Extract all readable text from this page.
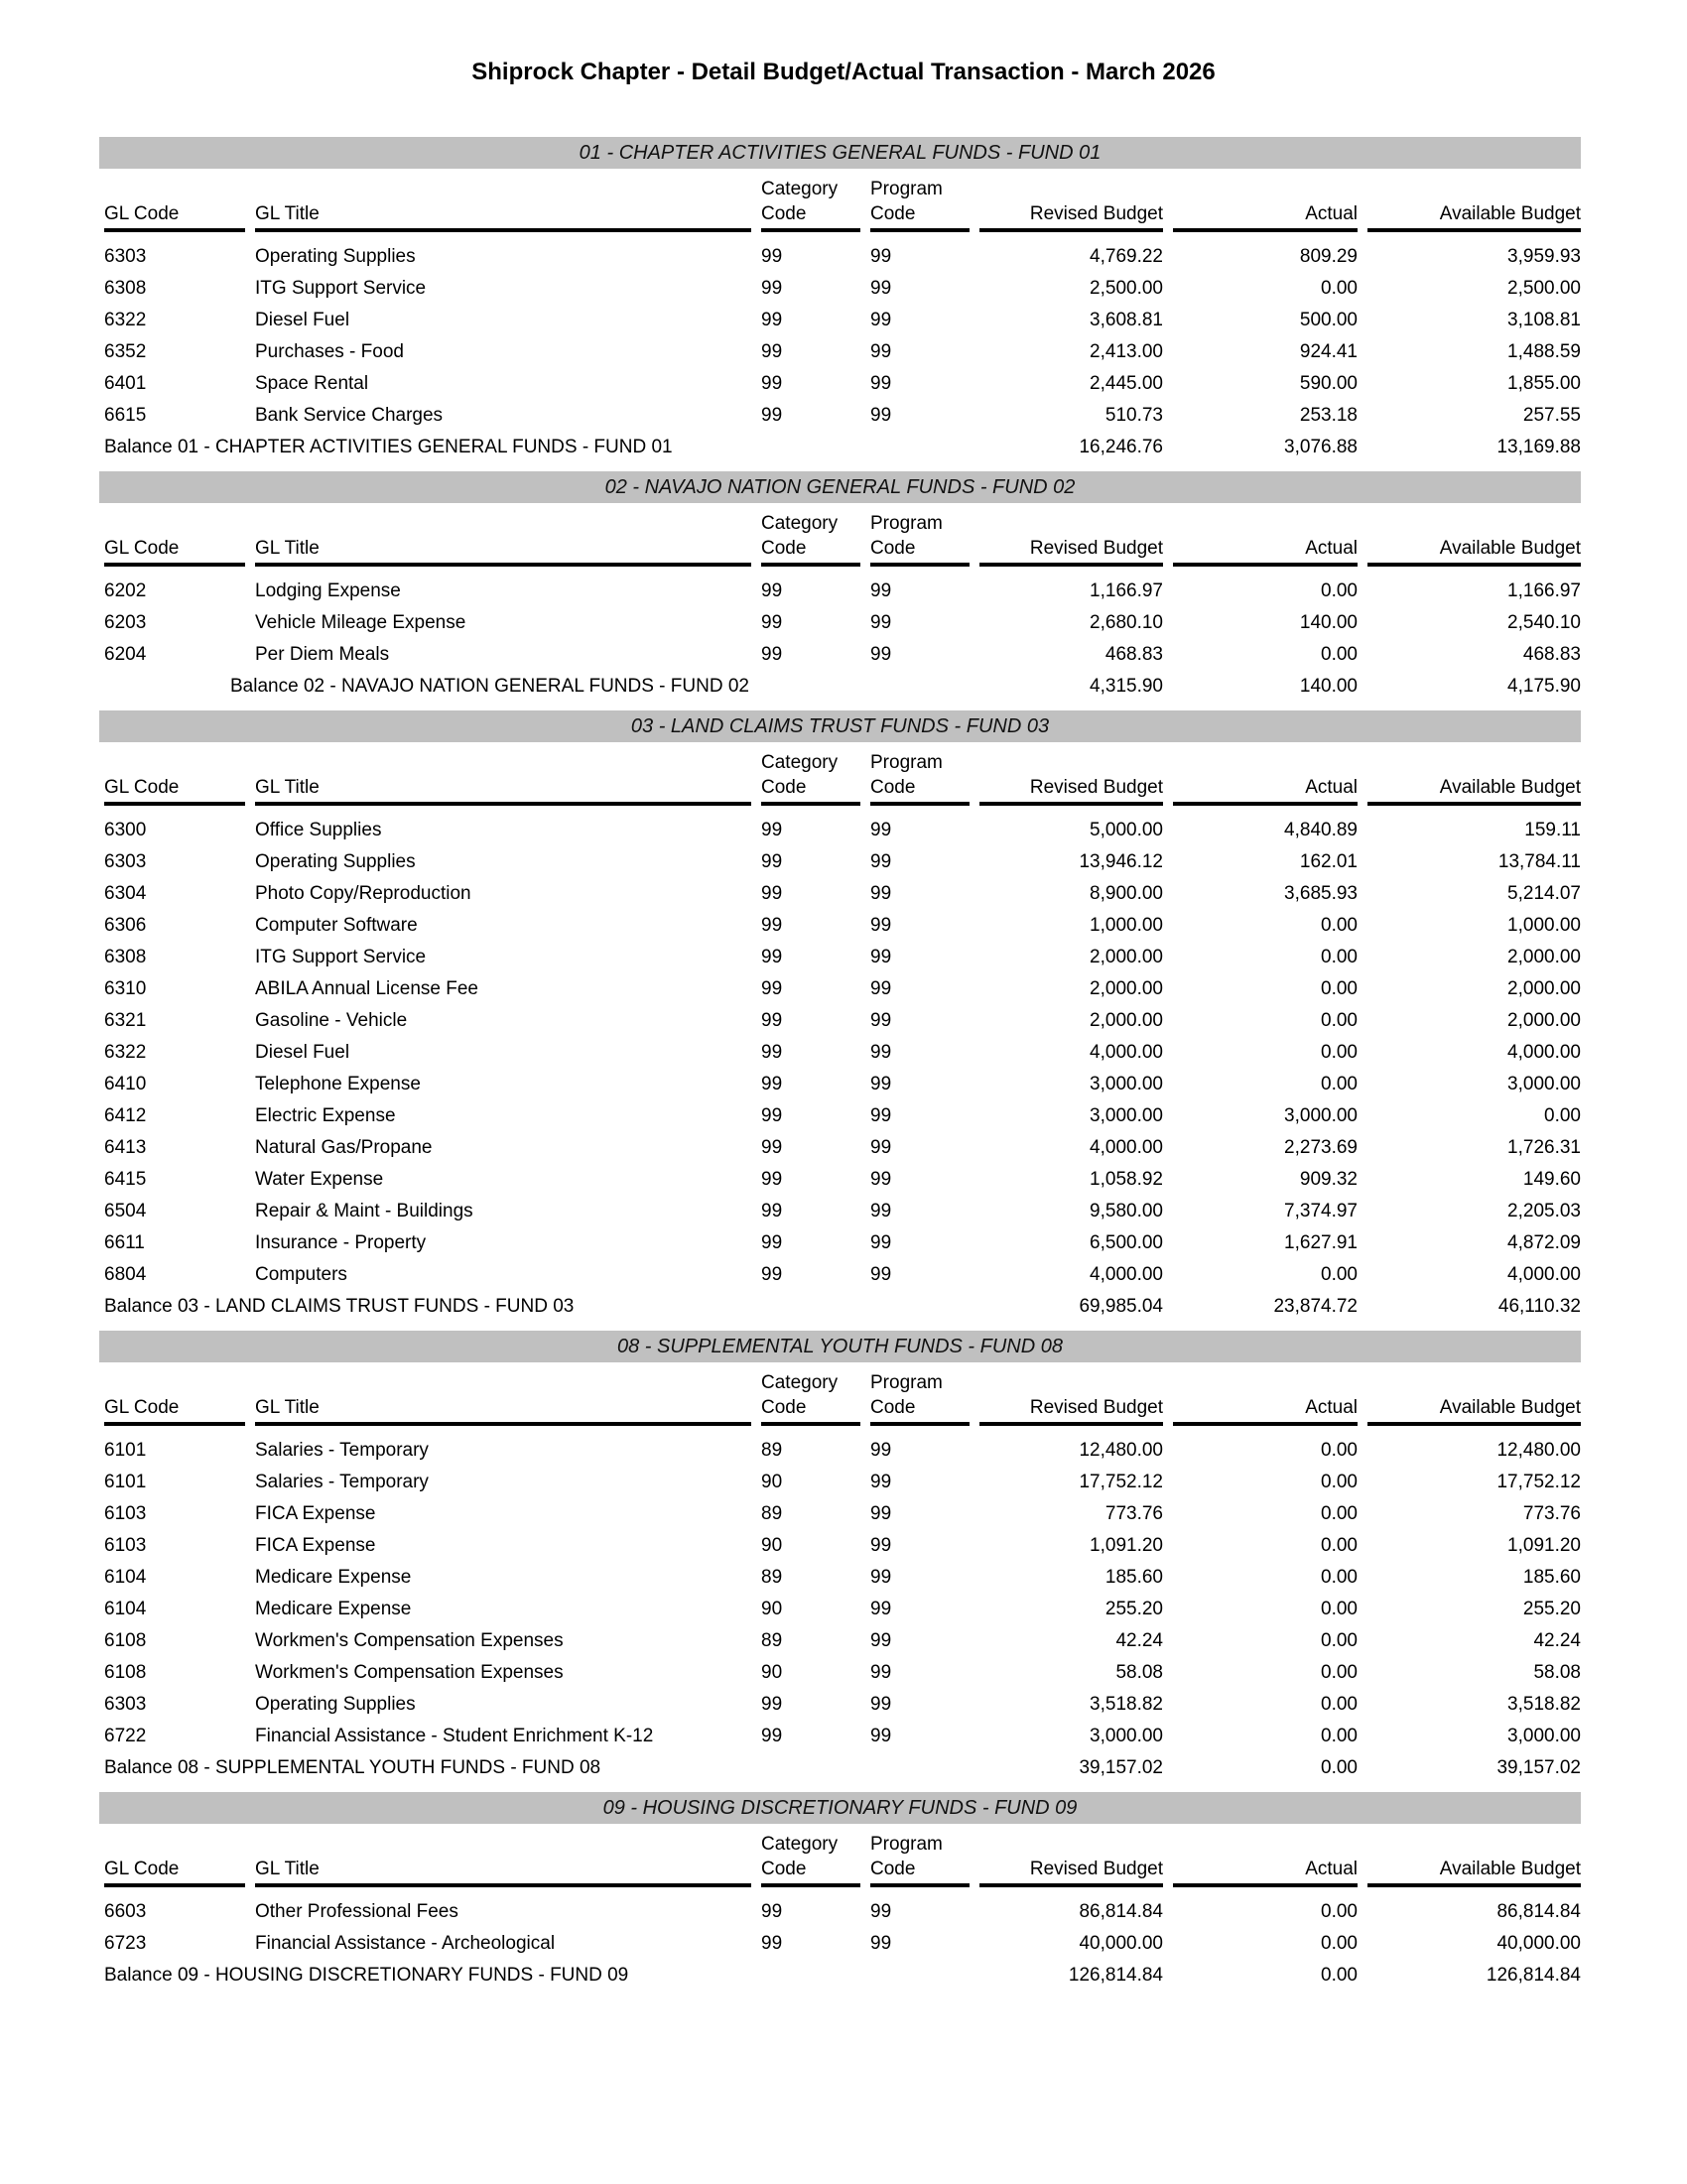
Shiprock Chapter - Detail Budget/Actual Transaction - March 2026
01 - CHAPTER ACTIVITIES GENERAL FUNDS - FUND 01
Category	Program
GL Code	GL Title	Code	Code	Revised Budget	Actual	Available Budget
6303	Operating Supplies	99	99	4,769.22	809.29	3,959.93
6308	ITG Support Service	99	99	2,500.00	0.00	2,500.00
6322	Diesel Fuel	99	99	3,608.81	500.00	3,108.81
6352	Purchases - Food	99	99	2,413.00	924.41	1,488.59
6401	Space Rental	99	99	2,445.00	590.00	1,855.00
6615	Bank Service Charges	99	99	510.73	253.18	257.55
Balance 01 - CHAPTER ACTIVITIES GENERAL FUNDS - FUND 01	16,246.76	3,076.88	13,169.88
02 - NAVAJO NATION GENERAL FUNDS - FUND 02
Category	Program
GL Code	GL Title	Code	Code	Revised Budget	Actual	Available Budget
6202	Lodging Expense	99	99	1,166.97	0.00	1,166.97
6203	Vehicle Mileage Expense	99	99	2,680.10	140.00	2,540.10
6204	Per Diem Meals	99	99	468.83	0.00	468.83
Balance 02 - NAVAJO NATION GENERAL FUNDS - FUND 02	4,315.90	140.00	4,175.90
03 - LAND CLAIMS TRUST FUNDS - FUND 03
Category	Program
GL Code	GL Title	Code	Code	Revised Budget	Actual	Available Budget
6300	Office Supplies	99	99	5,000.00	4,840.89	159.11
6303	Operating Supplies	99	99	13,946.12	162.01	13,784.11
6304	Photo Copy/Reproduction	99	99	8,900.00	3,685.93	5,214.07
6306	Computer Software	99	99	1,000.00	0.00	1,000.00
6308	ITG Support Service	99	99	2,000.00	0.00	2,000.00
6310	ABILA Annual License Fee	99	99	2,000.00	0.00	2,000.00
6321	Gasoline - Vehicle	99	99	2,000.00	0.00	2,000.00
6322	Diesel Fuel	99	99	4,000.00	0.00	4,000.00
6410	Telephone Expense	99	99	3,000.00	0.00	3,000.00
6412	Electric Expense	99	99	3,000.00	3,000.00	0.00
6413	Natural Gas/Propane	99	99	4,000.00	2,273.69	1,726.31
6415	Water Expense	99	99	1,058.92	909.32	149.60
6504	Repair & Maint - Buildings	99	99	9,580.00	7,374.97	2,205.03
6611	Insurance - Property	99	99	6,500.00	1,627.91	4,872.09
6804	Computers	99	99	4,000.00	0.00	4,000.00
Balance 03 - LAND CLAIMS TRUST FUNDS - FUND 03	69,985.04	23,874.72	46,110.32
08 - SUPPLEMENTAL YOUTH FUNDS - FUND 08
Category	Program
GL Code	GL Title	Code	Code	Revised Budget	Actual	Available Budget
6101	Salaries - Temporary	89	99	12,480.00	0.00	12,480.00
6101	Salaries - Temporary	90	99	17,752.12	0.00	17,752.12
6103	FICA Expense	89	99	773.76	0.00	773.76
6103	FICA Expense	90	99	1,091.20	0.00	1,091.20
6104	Medicare Expense	89	99	185.60	0.00	185.60
6104	Medicare Expense	90	99	255.20	0.00	255.20
6108	Workmen's Compensation Expenses	89	99	42.24	0.00	42.24
6108	Workmen's Compensation Expenses	90	99	58.08	0.00	58.08
6303	Operating Supplies	99	99	3,518.82	0.00	3,518.82
6722	Financial Assistance - Student Enrichment K-12	99	99	3,000.00	0.00	3,000.00
Balance 08 - SUPPLEMENTAL YOUTH FUNDS - FUND 08	39,157.02	0.00	39,157.02
09 - HOUSING DISCRETIONARY FUNDS - FUND 09
Category	Program
GL Code	GL Title	Code	Code	Revised Budget	Actual	Available Budget
6603	Other Professional Fees	99	99	86,814.84	0.00	86,814.84
6723	Financial Assistance - Archeological	99	99	40,000.00	0.00	40,000.00
Balance 09 - HOUSING DISCRETIONARY FUNDS - FUND 09	126,814.84	0.00	126,814.84
